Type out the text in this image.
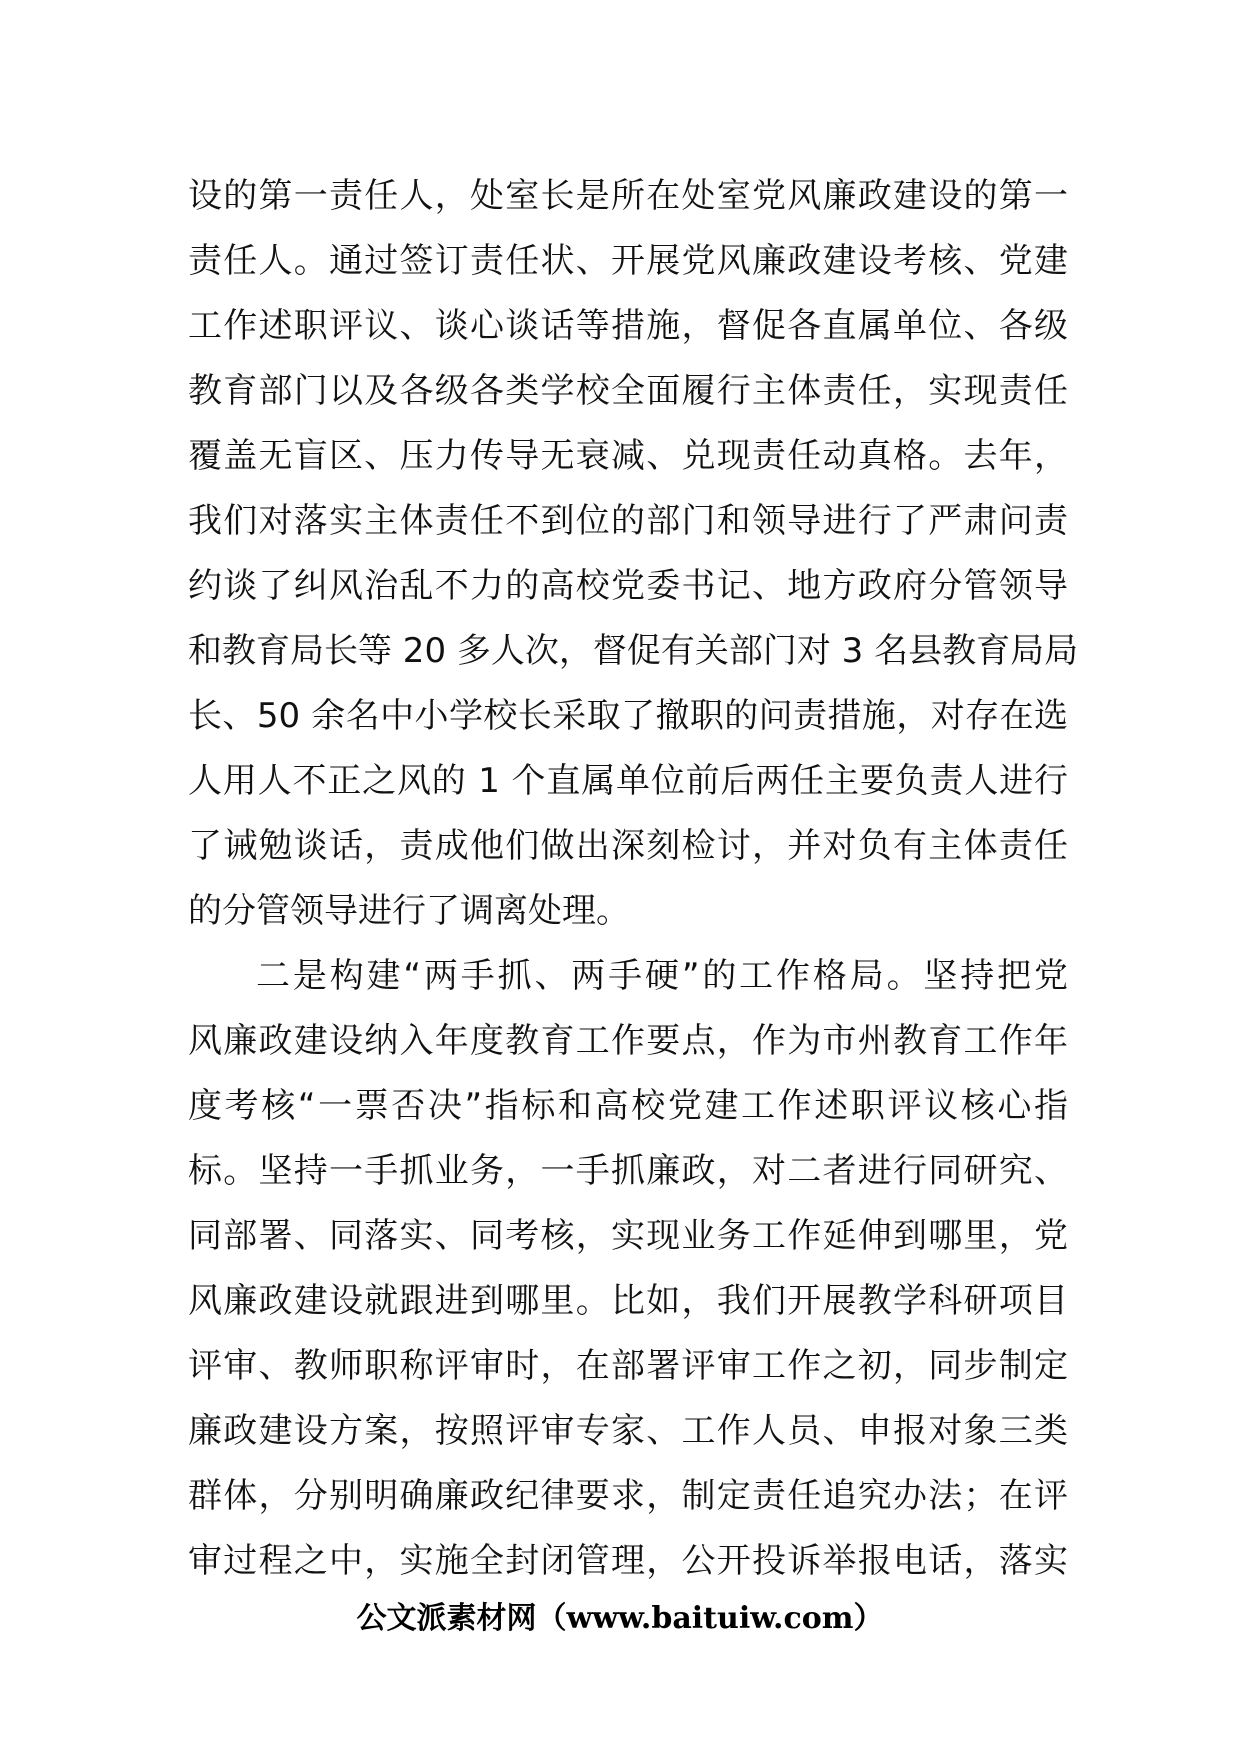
设的第一责任人，处室长是所在处室党风廉政建设的第一
责任人。通过签订责任状、开展党风廉政建设考核、党建
工作述职评议、谈心谈话等措施，督促各直属单位、各级
教育部门以及各级各类学校全面履行主体责任，实现责任
覆盖无盲区、压力传导无衰减、兑现责任动真格。去年，
我们对落实主体责任不到位的部门和领导进行了严肃问责
约谈了纠风治乱不力的高校党委书记、地方政府分管领导
和教育局长等 20 多人次，督促有关部门对 3 名县教育局局
长、50 余名中小学校长采取了撤职的问责措施，对存在选
人用人不正之风的 1 个直属单位前后两任主要负责人进行
了诫勉谈话，责成他们做出深刻检讨，并对负有主体责任
的分管领导进行了调离处理。
二是构建“两手抓、两手硬”的工作格局。坚持把党
风廉政建设纳入年度教育工作要点，作为市州教育工作年
度考核“一票否决”指标和高校党建工作述职评议核心指
标。坚持一手抓业务，一手抓廉政，对二者进行同研究、
同部署、同落实、同考核，实现业务工作延伸到哪里，党
风廉政建设就跟进到哪里。比如，我们开展教学科研项目
评审、教师职称评审时，在部署评审工作之初，同步制定
廉政建设方案，按照评审专家、工作人员、申报对象三类
群体，分别明确廉政纪律要求，制定责任追究办法；在评
审过程之中，实施全封闭管理，公开投诉举报电话，落实
公文派素材网（www.baituiw.com）
